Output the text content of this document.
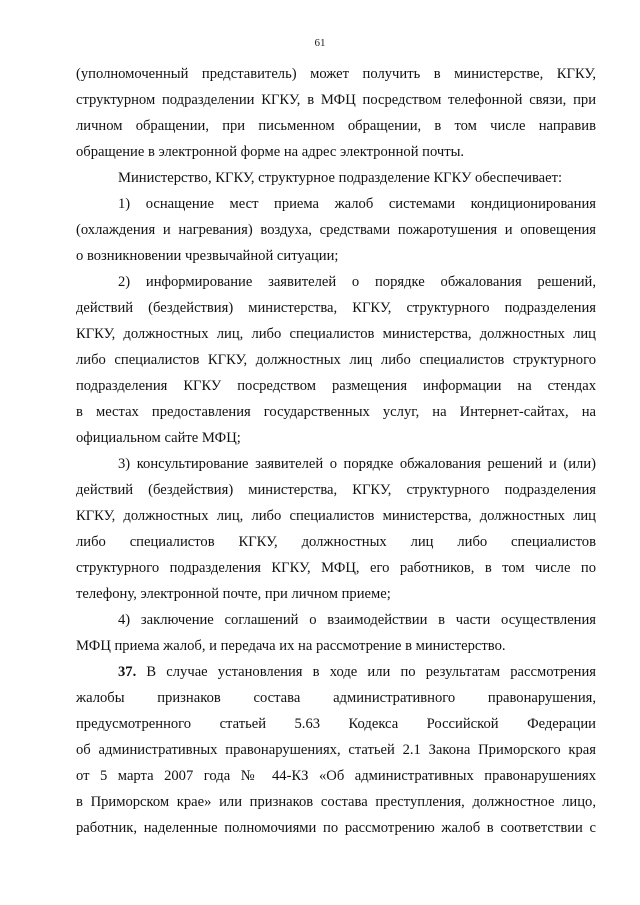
61
(уполномоченный представитель) может получить в министерстве, КГКУ,
структурном подразделении КГКУ, в МФЦ посредством телефонной связи, при
личном обращении, при письменном обращении, в том числе направив
обращение в электронной форме на адрес электронной почты.
Министерство, КГКУ, структурное подразделение КГКУ обеспечивает:
1) оснащение мест приема жалоб системами кондиционирования
(охлаждения и нагревания) воздуха, средствами пожаротушения и оповещения
о возникновении чрезвычайной ситуации;
2) информирование заявителей о порядке обжалования решений,
действий (бездействия) министерства, КГКУ, структурного подразделения
КГКУ, должностных лиц, либо специалистов министерства, должностных лиц
либо специалистов КГКУ, должностных лиц либо специалистов структурного
подразделения КГКУ посредством размещения информации на стендах
в местах предоставления государственных услуг, на Интернет-сайтах, на
официальном сайте МФЦ;
3) консультирование заявителей о порядке обжалования решений и (или)
действий (бездействия) министерства, КГКУ, структурного подразделения
КГКУ, должностных лиц, либо специалистов министерства, должностных лиц
либо специалистов КГКУ, должностных лиц либо специалистов
структурного подразделения КГКУ, МФЦ, его работников, в том числе по
телефону, электронной почте, при личном приеме;
4) заключение соглашений о взаимодействии в части осуществления
МФЦ приема жалоб, и передача их на рассмотрение в министерство.
37. В случае установления в ходе или по результатам рассмотрения
жалобы признаков состава административного правонарушения,
предусмотренного статьей 5.63 Кодекса Российской Федерации
об административных правонарушениях, статьей 2.1 Закона Приморского края
от 5 марта 2007 года № 44-КЗ «Об административных правонарушениях
в Приморском крае» или признаков состава преступления, должностное лицо,
работник, наделенные полномочиями по рассмотрению жалоб в соответствии с
